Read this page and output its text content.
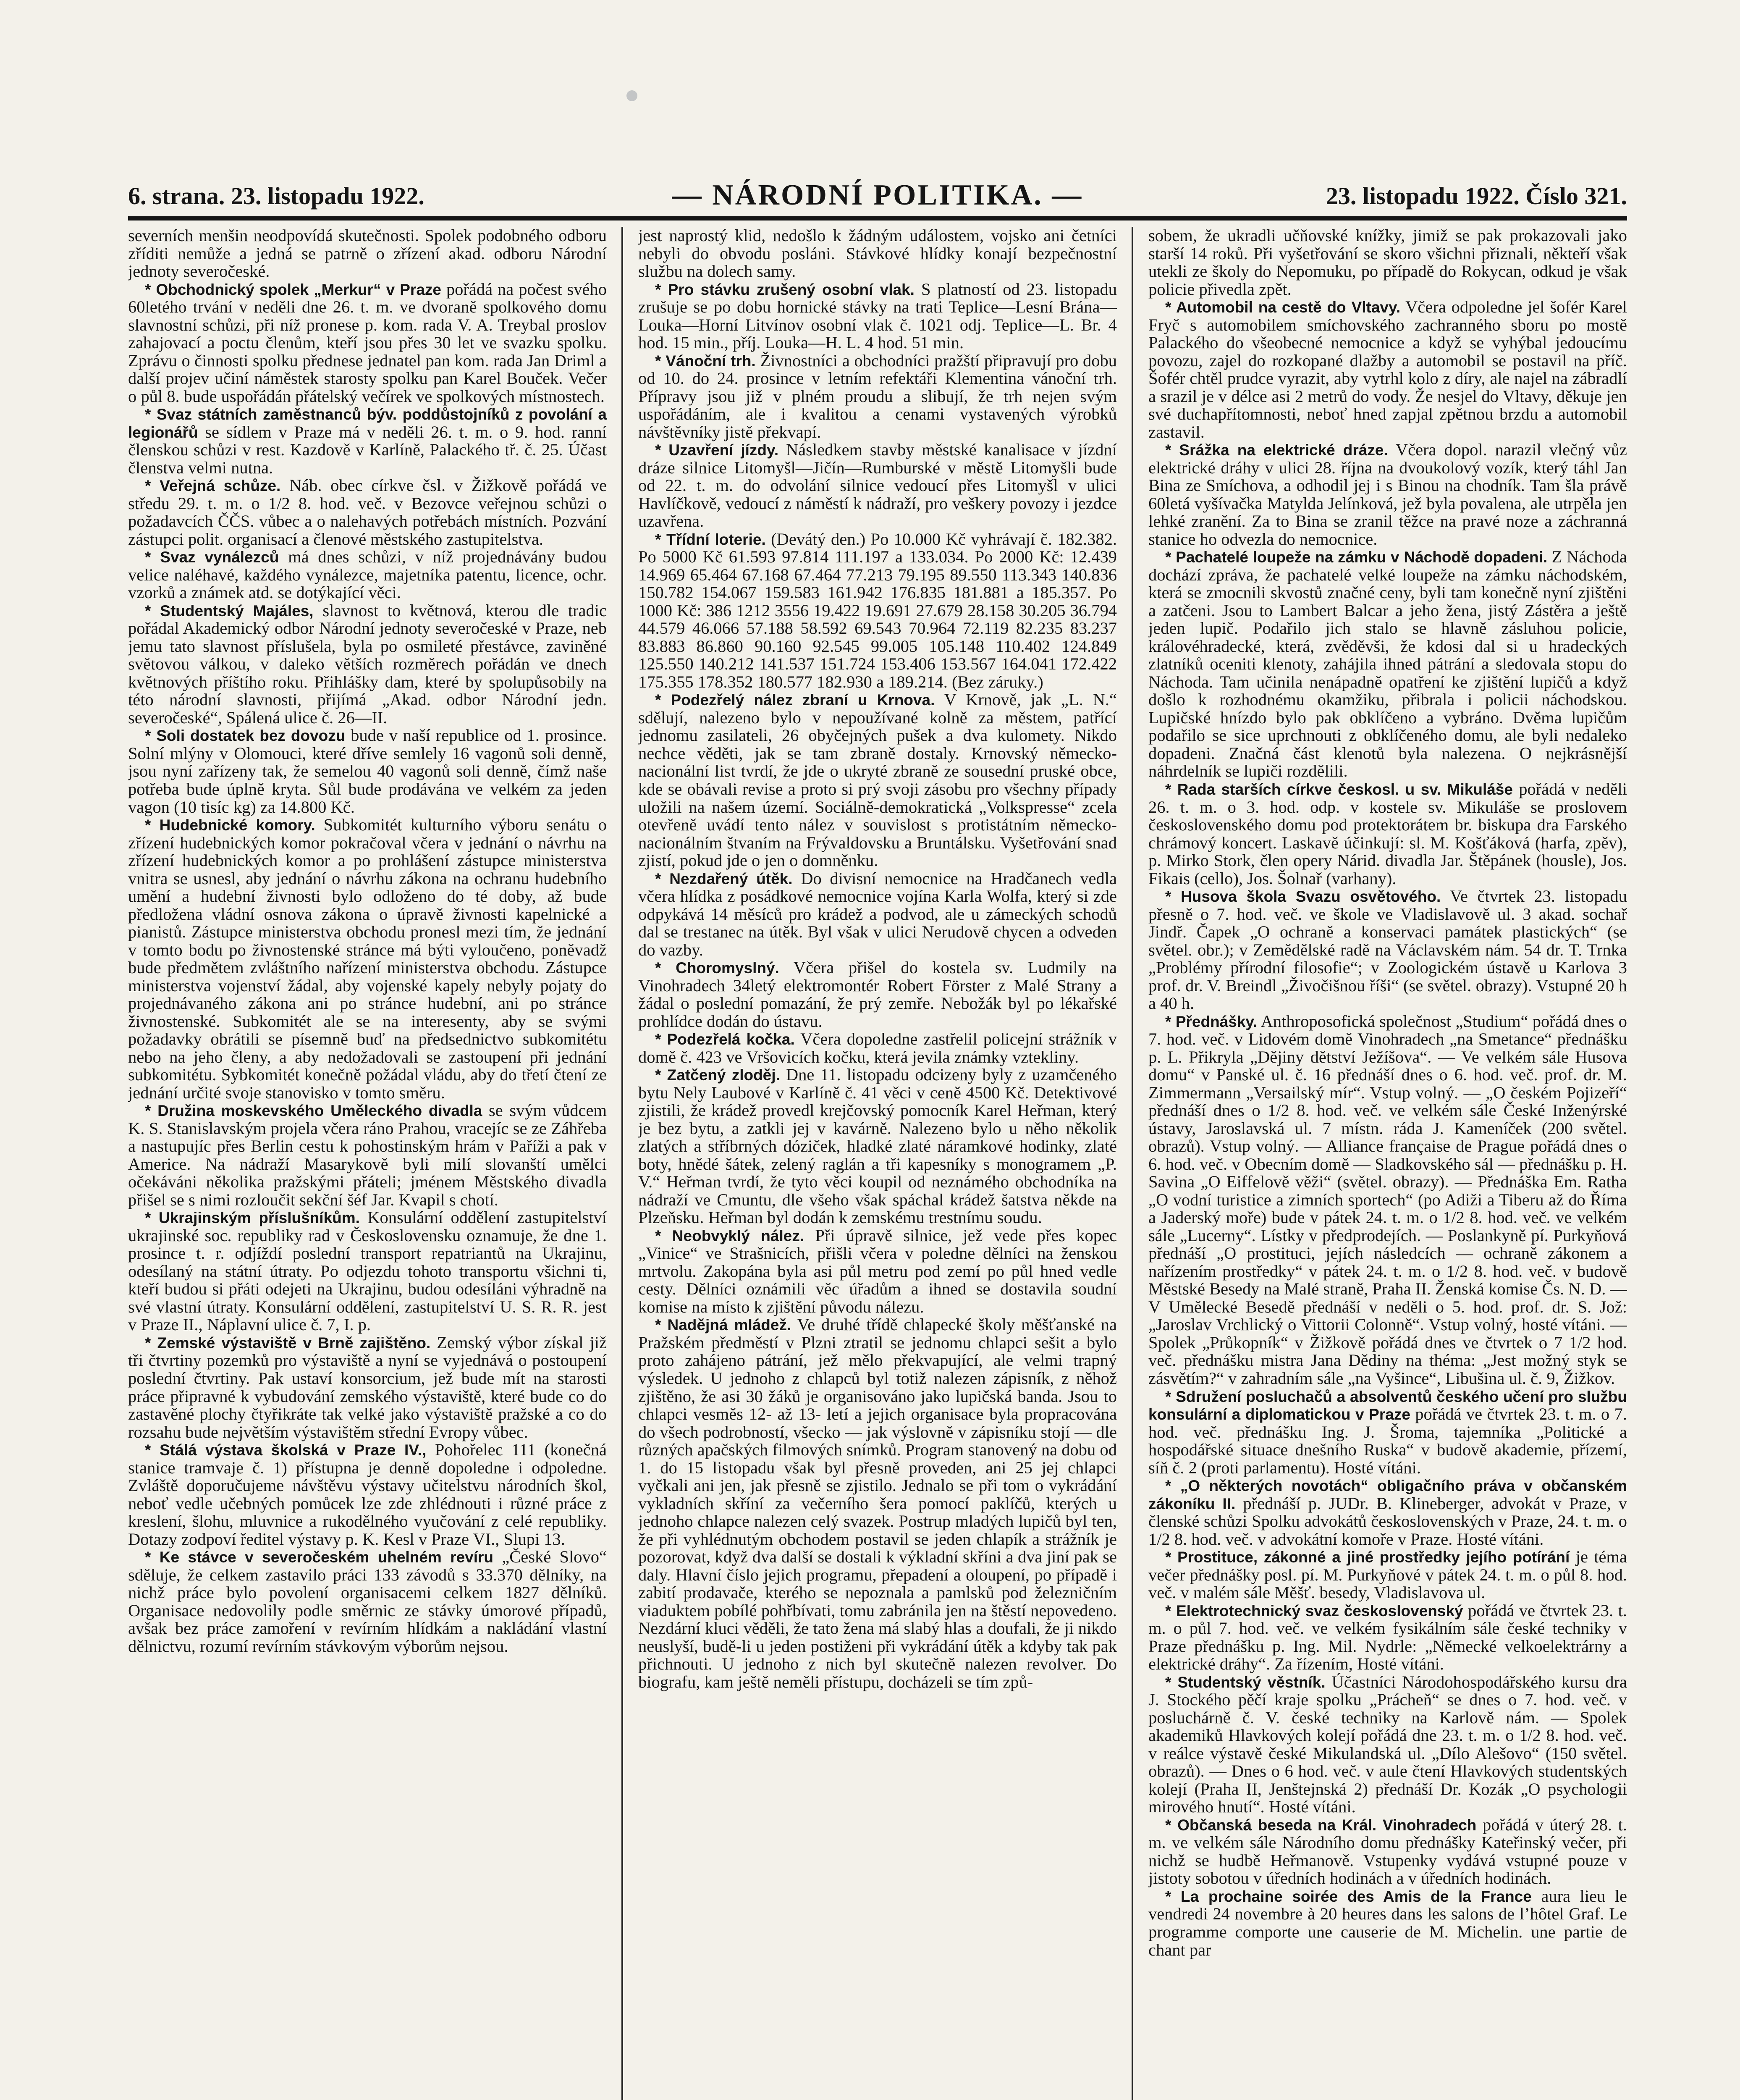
6. strana. 23. listopadu 1922.	— NÁRODNÍ POLITIKA. —	23. listopadu 1922. Číslo 321.

severních menšin neodpovídá skutečnosti. Spolek podobného odboru zříditi nemůže a jedná se patrně o zřízení akad. odboru Národní jednoty severočeské.

* Obchodnický spolek „Merkur“ v Praze pořádá na počest svého 60letého trvání v neděli dne 26. t. m. ve dvoraně spolkového domu slavnostní schůzi, při níž pronese p. kom. rada V. A. Treybal proslov zahajovací a poctu členům, kteří jsou přes 30 let ve svazku spolku. Zprávu o činnosti spolku přednese jednatel pan kom. rada Jan Driml a další projev učiní náměstek starosty spolku pan Karel Bouček. Večer o půl 8. bude uspořádán přátelský večírek ve spolkových místnostech.

* Svaz státních zaměstnanců býv. poddůstojníků z povolání a legionářů se sídlem v Praze má v neděli 26. t. m. o 9. hod. ranní členskou schůzi v rest. Kazdově v Karlíně, Palackého tř. č. 25. Účast členstva velmi nutna.

* Veřejná schůze. Náb. obec církve čsl. v Žižkově pořádá ve středu 29. t. m. o 1/2 8. hod. več. v Bezovce veřejnou schůzi o požadavcích ČČS. vůbec a o nalehavých potřebách místních. Pozvání zástupci polit. organisací a členové městského zastupitelstva.

* Svaz vynálezců má dnes schůzi, v níž projednávány budou velice naléhavé, každého vynálezce, majetníka patentu, licence, ochr. vzorků a známek atd. se dotýkající věci.

* Studentský Majáles, slavnost to květnová, kterou dle tradic pořádal Akademický odbor Národní jednoty severočeské v Praze, neb jemu tato slavnost příslušela, byla po osmileté přestávce, zaviněné světovou válkou, v daleko větších rozměrech pořádán ve dnech květnových příštího roku. Přihlášky dam, které by spolupůsobily na této národní slavnosti, přijímá „Akad. odbor Národní jedn. severočeské“, Spálená ulice č. 26—II.

* Soli dostatek bez dovozu bude v naší republice od 1. prosince. Solní mlýny v Olomouci, které dříve semlely 16 vagonů soli denně, jsou nyní zařízeny tak, že semelou 40 vagonů soli denně, čímž naše potřeba bude úplně kryta. Sůl bude prodávána ve velkém za jeden vagon (10 tisíc kg) za 14.800 Kč.

* Hudebnické komory. Subkomitét kulturního výboru senátu o zřízení hudebnických komor pokračoval včera v jednání o návrhu na zřízení hudebnických komor a po prohlášení zástupce ministerstva vnitra se usnesl, aby jednání o návrhu zákona na ochranu hudebního umění a hudební živnosti bylo odloženo do té doby, až bude předložena vládní osnova zákona o úpravě živnosti kapelnické a pianistů. Zástupce ministerstva obchodu pronesl mezi tím, že jednání v tomto bodu po živnostenské stránce má býti vyloučeno, poněvadž bude předmětem zvláštního nařízení ministerstva obchodu. Zástupce ministerstva vojenství žádal, aby vojenské kapely nebyly pojaty do projednávaného zákona ani po stránce hudební, ani po stránce živnostenské. Subkomitét ale se na interesenty, aby se svými požadavky obrátili se písemně buď na předsednictvo subkomitétu nebo na jeho členy, a aby nedožadovali se zastoupení při jednání subkomitétu. Sybkomitét konečně požádal vládu, aby do třetí čtení ze jednání určité svoje stanovisko v tomto směru.

* Družina moskevského Uměleckého divadla se svým vůdcem K. S. Stanislavským projela včera ráno Prahou, vracejíc se ze Záhřeba a nastupujíc přes Berlin cestu k pohostinským hrám v Paříži a pak v Americe. Na nádraží Masarykově byli milí slovanští umělci očekáváni několika pražskými přáteli; jménem Městského divadla přišel se s nimi rozloučit sekční šéf Jar. Kvapil s chotí.

* Ukrajinským příslušníkům. Konsulární oddělení zastupitelství ukrajinské soc. republiky rad v Československu oznamuje, že dne 1. prosince t. r. odjíždí poslední transport repatriantů na Ukrajinu, odesílaný na státní útraty. Po odjezdu tohoto transportu všichni ti, kteří budou si přáti odejeti na Ukrajinu, budou odesíláni výhradně na své vlastní útraty. Konsulární oddělení, zastupitelství U. S. R. R. jest v Praze II., Náplavní ulice č. 7, I. p.

* Zemské výstaviště v Brně zajištěno. Zemský výbor získal již tři čtvrtiny pozemků pro výstaviště a nyní se vyjednává o postoupení poslední čtvrtiny. Pak ustaví konsorcium, jež bude mít na starosti práce připravné k vybudování zemského výstaviště, které bude co do zastavěné plochy čtyřikráte tak velké jako výstaviště pražské a co do rozsahu bude největším výstavištěm střední Evropy vůbec.

* Stálá výstava školská v Praze IV., Pohořelec 111 (konečná stanice tramvaje č. 1) přístupna je denně dopoledne i odpoledne. Zvláště doporučujeme návštěvu výstavy učitelstvu národních škol, neboť vedle učebných pomůcek lze zde zhlédnouti i různé práce z kreslení, šlohu, mluvnice a rukodělného vyučování z celé republiky. Dotazy zodpoví ředitel výstavy p. K. Kesl v Praze VI., Slupi 13.

* Ke stávce v severočeském uhelném revíru „České Slovo“ sděluje, že celkem zastavilo práci 133 závodů s 33.370 dělníky, na nichž práce bylo povolení organisacemi celkem 1827 dělníků. Organisace nedovolily podle směrnic ze stávky úmorové případů, avšak bez práce zamoření v revírním hlídkám a nakládání vlastní dělnictvu, rozumí revírním stávkovým výborům nejsou.

jest naprostý klid, nedošlo k žádným událostem, vojsko ani četníci nebyli do obvodu posláni. Stávkové hlídky konají bezpečnostní službu na dolech samy.

* Pro stávku zrušený osobní vlak. S platností od 23. listopadu zrušuje se po dobu hornické stávky na trati Teplice—Lesní Brána—Louka—Horní Litvínov osobní vlak č. 1021 odj. Teplice—L. Br. 4 hod. 15 min., příj. Louka—H. L. 4 hod. 51 min.

* Vánoční trh. Živnostníci a obchodníci pražští připravují pro dobu od 10. do 24. prosince v letním refektáři Klementina vánoční trh. Přípravy jsou již v plném proudu a slibují, že trh nejen svým uspořádáním, ale i kvalitou a cenami vystavených výrobků návštěvníky jistě překvapí.

* Uzavření jízdy. Následkem stavby městské kanalisace v jízdní dráze silnice Litomyšl—Jičín—Rumburské v městě Litomyšli bude od 22. t. m. do odvolání silnice vedoucí přes Litomyšl v ulici Havlíčkově, vedoucí z náměstí k nádraží, pro veškery povozy i jezdce uzavřena.

* Třídní loterie. (Devátý den.) Po 10.000 Kč vyhrávají č. 182.382. Po 5000 Kč 61.593 97.814 111.197 a 133.034. Po 2000 Kč: 12.439 14.969 65.464 67.168 67.464 77.213 79.195 89.550 113.343 140.836 150.782 154.067 159.583 161.942 176.835 181.881 a 185.357. Po 1000 Kč: 386 1212 3556 19.422 19.691 27.679 28.158 30.205 36.794 44.579 46.066 57.188 58.592 69.543 70.964 72.119 82.235 83.237 83.883 86.860 90.160 92.545 99.005 105.148 110.402 124.849 125.550 140.212 141.537 151.724 153.406 153.567 164.041 172.422 175.355 178.352 180.577 182.930 a 189.214. (Bez záruky.)

* Podezřelý nález zbraní u Krnova. V Krnově, jak „L. N.“ sdělují, nalezeno bylo v nepoužívané kolně za městem, patřící jednomu zasilateli, 26 obyčejných pušek a dva kulomety. Nikdo nechce věděti, jak se tam zbraně dostaly. Krnovský německo-nacionální list tvrdí, že jde o ukryté zbraně ze sousední pruské obce, kde se obávali revise a proto si prý svoji zásobu pro všechny případy uložili na našem území. Sociálně-demokratická „Volkspresse“ zcela otevřeně uvádí tento nález v souvislost s protistátním německo-nacionálním štvaním na Frývaldovsku a Bruntálsku. Vyšetřování snad zjistí, pokud jde o jen o domněnku.

* Nezdařený útěk. Do divisní nemocnice na Hradčanech vedla včera hlídka z posádkové nemocnice vojína Karla Wolfa, který si zde odpykává 14 měsíců pro krádež a podvod, ale u zámeckých schodů dal se trestanec na útěk. Byl však v ulici Nerudově chycen a odveden do vazby.

* Choromyslný. Včera přišel do kostela sv. Ludmily na Vinohradech 34letý elektromontér Robert Förster z Malé Strany a žádal o poslední pomazání, že prý zemře. Nebožák byl po lékařské prohlídce dodán do ústavu.

* Podezřelá kočka. Včera dopoledne zastřelil policejní strážník v domě č. 423 ve Vršovicích kočku, která jevila známky vztekliny.

* Zatčený zloděj. Dne 11. listopadu odcizeny byly z uzamčeného bytu Nely Laubové v Karlíně č. 41 věci v ceně 4500 Kč. Detektivové zjistili, že krádež provedl krejčovský pomocník Karel Heřman, který je bez bytu, a zatkli jej v kavárně. Nalezeno bylo u něho několik zlatých a stříbrných dóziček, hladké zlaté náramkové hodinky, zlaté boty, hnědé šátek, zelený raglán a tři kapesníky s monogramem „P. V.“ Heřman tvrdí, že tyto věci koupil od neznámého obchodníka na nádraží ve Cmuntu, dle všeho však spáchal krádež šatstva někde na Plzeňsku. Heřman byl dodán k zemskému trestnímu soudu.

* Neobvyklý nález. Při úpravě silnice, jež vede přes kopec „Vinice“ ve Strašnicích, přišli včera v poledne dělníci na ženskou mrtvolu. Zakopána byla asi půl metru pod zemí po půl hned vedle cesty. Dělníci oznámili věc úřadům a ihned se dostavila soudní komise na místo k zjištění původu nálezu.

* Nadějná mládež. Ve druhé třídě chlapecké školy měšťanské na Pražském předměstí v Plzni ztratil se jednomu chlapci sešit a bylo proto zahájeno pátrání, jež mělo překvapující, ale velmi trapný výsledek. U jednoho z chlapců byl totiž nalezen zápisník, z něhož zjištěno, že asi 30 žáků je organisováno jako lupičská banda. Jsou to chlapci vesměs 12- až 13- letí a jejich organisace byla propracována do všech podrobností, všecko — jak výslovně v zápisníku stojí — dle různých apačských filmových snímků. Program stanovený na dobu od 1. do 15 listopadu však byl přesně proveden, ani 25 jej chlapci vyčkali ani jen, jak přesně se zjistilo. Jednalo se při tom o vykrádání vykladních skříní za večerního šera pomocí paklíčů, kterých u jednoho chlapce nalezen celý svazek. Postrup mladých lupičů byl ten, že při vyhlédnutým obchodem postavil se jeden chlapík a strážník je pozorovat, když dva další se dostali k výkladní skříni a dva jiní pak se daly. Hlavní číslo jejich programu, přepadení a oloupení, po případě i zabití prodavače, kterého se nepoznala a pamlsků pod železničním viaduktem pobílé pohřbívati, tomu zabránila jen na štěstí nepovedeno. Nezdární kluci věděli, že tato žena má slabý hlas a doufali, že ji nikdo neuslyší, budě-li u jeden postiženi při vykrádání útěk a kdyby tak pak přichnouti. U jednoho z nich byl skutečně nalezen revolver. Do biografu, kam ještě neměli přístupu, docházeli se tím způ-

sobem, že ukradli učňovské knížky, jimiž se pak prokazovali jako starší 14 roků. Při vyšetřování se skoro všichni přiznali, někteří však utekli ze školy do Nepomuku, po případě do Rokycan, odkud je však policie přivedla zpět.

* Automobil na cestě do Vltavy. Včera odpoledne jel šofér Karel Fryč s automobilem smíchovského zachranného sboru po mostě Palackého do všeobecné nemocnice a když se vyhýbal jedoucímu povozu, zajel do rozkopané dlažby a automobil se postavil na příč. Šofér chtěl prudce vyrazit, aby vytrhl kolo z díry, ale najel na zábradlí a srazil je v délce asi 2 metrů do vody. Že nesjel do Vltavy, děkuje jen své duchapřítomnosti, neboť hned zapjal zpětnou brzdu a automobil zastavil.

* Srážka na elektrické dráze. Včera dopol. narazil vlečný vůz elektrické dráhy v ulici 28. října na dvoukolový vozík, který táhl Jan Bina ze Smíchova, a odhodil jej i s Binou na chodník. Tam šla právě 60letá vyšívačka Matylda Jelínková, jež byla povalena, ale utrpěla jen lehké zranění. Za to Bina se zranil těžce na pravé noze a záchranná stanice ho odvezla do nemocnice.

* Pachatelé loupeže na zámku v Náchodě dopadeni. Z Náchoda dochází zpráva, že pachatelé velké loupeže na zámku náchodském, která se zmocnili skvostů značné ceny, byli tam konečně nyní zjištěni a zatčeni. Jsou to Lambert Balcar a jeho žena, jistý Zástěra a ještě jeden lupič. Podařilo jich stalo se hlavně zásluhou policie, královéhradecké, která, zvěděvši, že kdosi dal si u hradeckých zlatníků oceniti klenoty, zahájila ihned pátrání a sledovala stopu do Náchoda. Tam učinila nenápadně opatření ke zjištění lupičů a když došlo k rozhodnému okamžiku, přibrala i policii náchodskou. Lupičské hnízdo bylo pak obklíčeno a vybráno. Dvěma lupičům podařilo se sice uprchnouti z obklíčeného domu, ale byli nedaleko dopadeni. Značná část klenotů byla nalezena. O nejkrásnější náhrdelník se lupiči rozdělili.

* Rada starších církve českosl. u sv. Mikuláše pořádá v neděli 26. t. m. o 3. hod. odp. v kostele sv. Mikuláše se proslovem československého domu pod protektorátem br. biskupa dra Farského chrámový koncert. Laskavě účinkují: sl. M. Košťáková (harfa, zpěv), p. Mirko Stork, člen opery Nárid. divadla Jar. Štěpánek (housle), Jos. Fikais (cello), Jos. Šolnař (varhany).

* Husova škola Svazu osvětového. Ve čtvrtek 23. listopadu přesně o 7. hod. več. ve škole ve Vladislavově ul. 3 akad. sochař Jindř. Čapek „O ochraně a konservaci památek plastických“ (se světel. obr.); v Zemědělské radě na Václavském nám. 54 dr. T. Trnka „Problémy přírodní filosofie“; v Zoologickém ústavě u Karlova 3 prof. dr. V. Breindl „Živočišnou říši“ (se světel. obrazy). Vstupné 20 h a 40 h.

* Přednášky. Anthroposofická společnost „Studium“ pořádá dnes o 7. hod. več. v Lidovém domě Vinohradech „na Smetance“ přednášku p. L. Přikryla „Dějiny dětství Ježíšova“. — Ve velkém sále Husova domu“ v Panské ul. č. 16 přednáší dnes o 6. hod. več. prof. dr. M. Zimmermann „Versailský mír“. Vstup volný. — „O českém Pojizeří“ přednáší dnes o 1/2 8. hod. več. ve velkém sále České Inženýrské ústavy, Jaroslavská ul. 7 místn. ráda J. Kameníček (200 světel. obrazů). Vstup volný. — Alliance française de Prague pořádá dnes o 6. hod. več. v Obecním domě — Sladkovského sál — přednášku p. H. Savina „O Eiffelově věži“ (světel. obrazy). — Přednáška Em. Ratha „O vodní turistice a zimních sportech“ (po Adiži a Tiberu až do Říma a Jaderský moře) bude v pátek 24. t. m. o 1/2 8. hod. več. ve velkém sále „Lucerny“. Lístky v předprodejích. — Poslankyně pí. Purkyňová přednáší „O prostituci, jejích následcích — ochraně zákonem a nařízením prostředky“ v pátek 24. t. m. o 1/2 8. hod. več. v budově Městské Besedy na Malé straně, Praha II. Ženská komise Čs. N. D. — V Umělecké Besedě přednáší v neděli o 5. hod. prof. dr. S. Jož: „Jaroslav Vrchlický o Vittorii Colonně“. Vstup volný, hosté vítáni. — Spolek „Průkopník“ v Žižkově pořádá dnes ve čtvrtek o 7 1/2 hod. več. přednášku mistra Jana Dědiny na théma: „Jest možný styk se zásvětím?“ v zahradním sále „na Vyšince“, Libušina ul. č. 9, Žižkov.

* Sdružení posluchačů a absolventů českého učení pro službu konsulární a diplomatickou v Praze pořádá ve čtvrtek 23. t. m. o 7. hod. več. přednášku Ing. J. Šroma, tajemníka „Politické a hospodářské situace dnešního Ruska“ v budově akademie, přízemí, síň č. 2 (proti parlamentu). Hosté vítáni.

* „O některých novotách“ obligačního práva v občanském zákoníku II. přednáší p. JUDr. B. Klineberger, advokát v Praze, v členské schůzi Spolku advokátů československých v Praze, 24. t. m. o 1/2 8. hod. več. v advokátní komoře v Praze. Hosté vítáni.

* Prostituce, zákonné a jiné prostředky jejího potírání je téma večer přednášky posl. pí. M. Purkyňové v pátek 24. t. m. o půl 8. hod. več. v malém sále Měšť. besedy, Vladislavova ul.

* Elektrotechnický svaz československý pořádá ve čtvrtek 23. t. m. o půl 7. hod. več. ve velkém fysikálním sále české techniky v Praze přednášku p. Ing. Mil. Nydrle: „Německé velkoelektrárny a elektrické dráhy“. Za řízením, Hosté vítáni.

* Studentský věstník. Účastníci Národohospodářského kursu dra J. Stockého pěčí kraje spolku „Prácheň“ se dnes o 7. hod. več. v posluchárně č. V. české techniky na Karlově nám. — Spolek akademiků Hlavkových kolejí pořádá dne 23. t. m. o 1/2 8. hod. več. v reálce výstavě české Mikulandská ul. „Dílo Alešovo“ (150 světel. obrazů). — Dnes o 6 hod. več. v aule čtení Hlavkových studentských kolejí (Praha II, Jenštejnská 2) přednáší Dr. Kozák „O psychologii mirového hnutí“. Hosté vítáni.

* Občanská beseda na Král. Vinohradech pořádá v úterý 28. t. m. ve velkém sále Národního domu přednášky Kateřinský večer, při nichž se hudbě Heřmanově. Vstupenky vydává vstupné pouze v jistoty sobotou v úředních hodinách a v úředních hodinách.

* La prochaine soirée des Amis de la France aura lieu le vendredi 24 novembre à 20 heures dans les salons de l’hôtel Graf. Le programme comporte une causerie de M. Michelin. une partie de chant par
